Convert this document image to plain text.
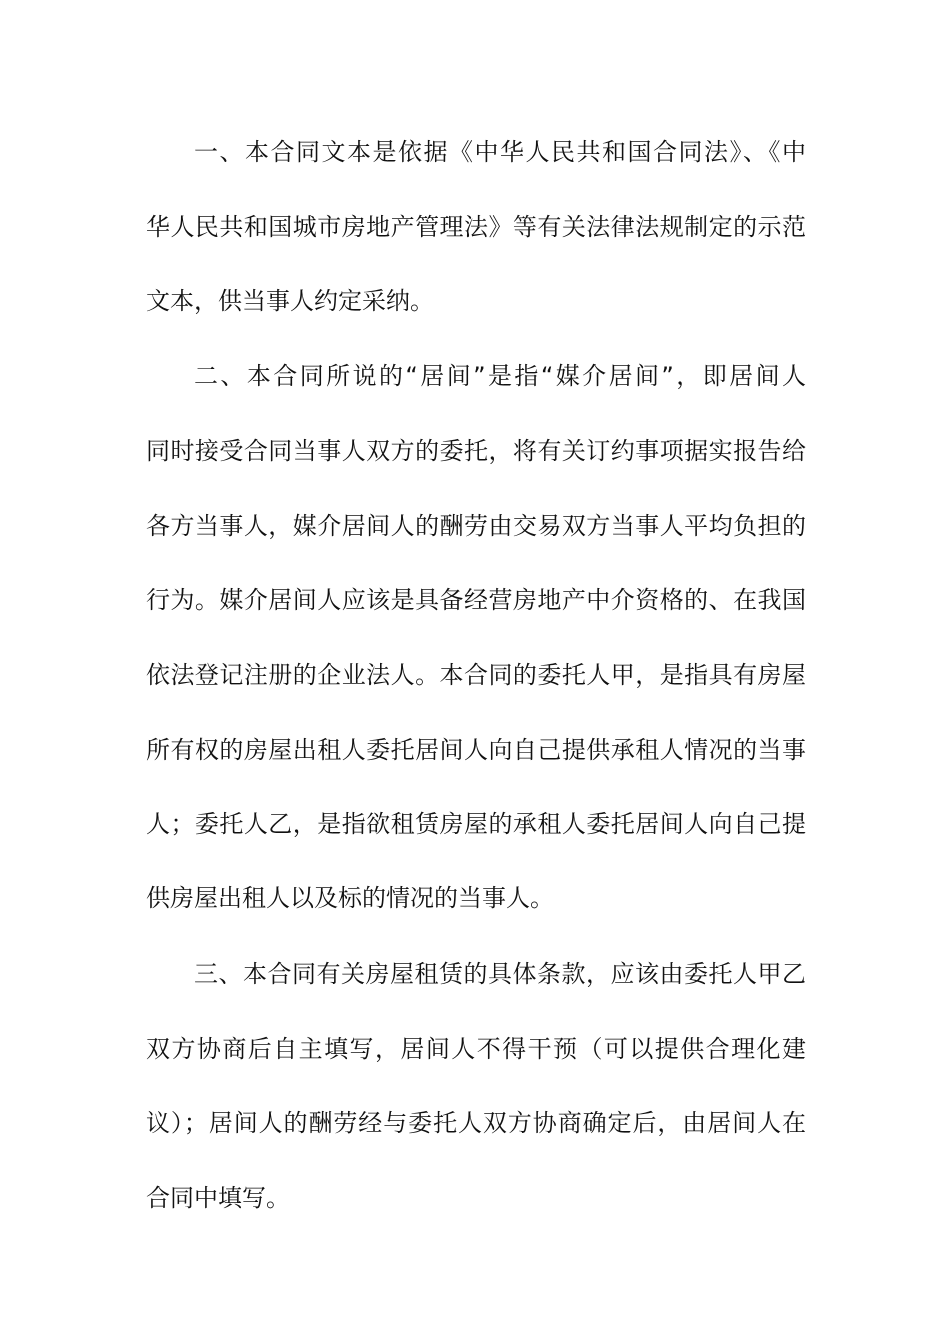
一、本合同文本是依据《中华人民共和国合同法》、《中
华人民共和国城市房地产管理法》等有关法律法规制定的示范
文本，供当事人约定采纳。
二、本合同所说的“居间”是指“媒介居间”，即居间人
同时接受合同当事人双方的委托，将有关订约事项据实报告给
各方当事人，媒介居间人的酬劳由交易双方当事人平均负担的
行为。媒介居间人应该是具备经营房地产中介资格的、在我国
依法登记注册的企业法人。本合同的委托人甲，是指具有房屋
所有权的房屋出租人委托居间人向自己提供承租人情况的当事
人；委托人乙，是指欲租赁房屋的承租人委托居间人向自己提
供房屋出租人以及标的情况的当事人。
三、本合同有关房屋租赁的具体条款，应该由委托人甲乙
双方协商后自主填写，居间人不得干预（可以提供合理化建
议）；居间人的酬劳经与委托人双方协商确定后，由居间人在
合同中填写。
